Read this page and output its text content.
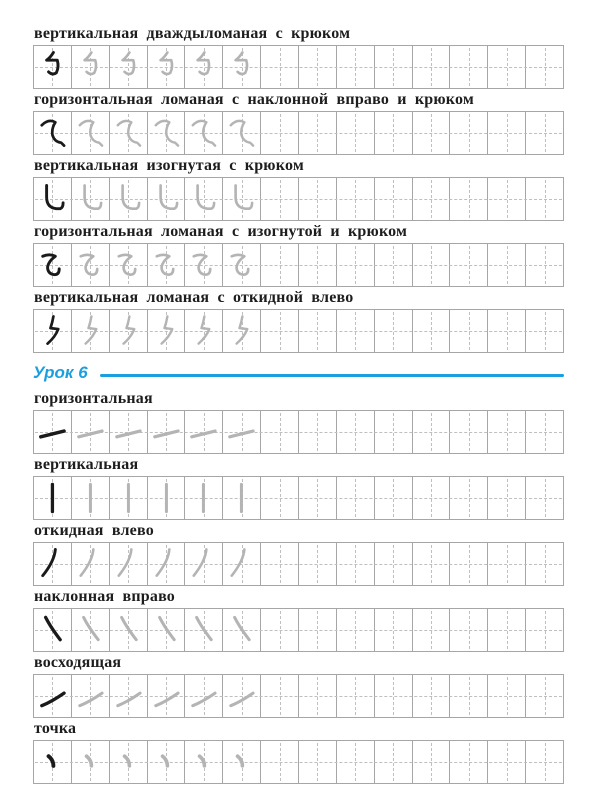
вертикальная дваждыломаная с крюком
горизонтальная ломаная с наклонной вправо и крюком
вертикальная изогнутая с крюком
горизонтальная ломаная с изогнутой и крюком
вертикальная ломаная с откидной влево
Урок 6
горизонтальная
вертикальная
откидная влево
наклонная вправо
восходящая
точка
